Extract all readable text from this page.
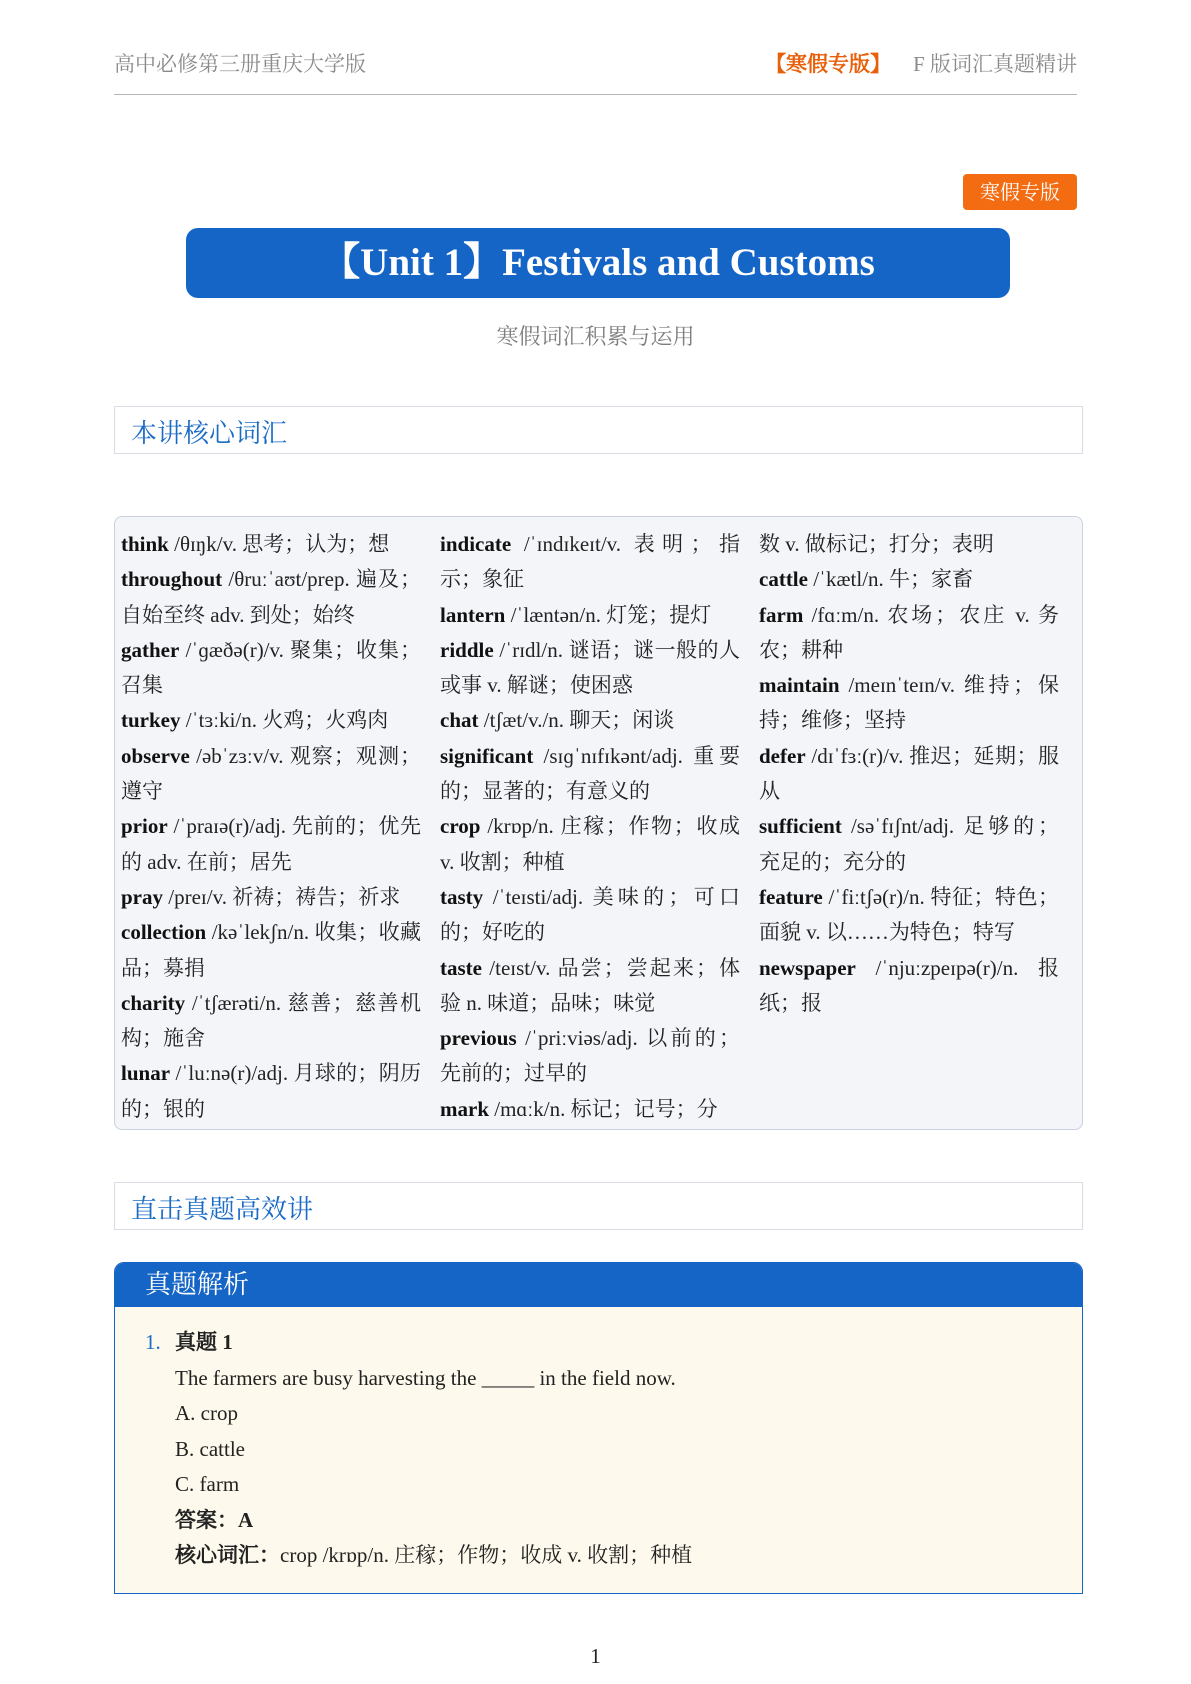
高中必修第三册重庆大学版	【寒假专版】 F 版词汇真题精讲
寒假专版
【Unit 1】Festivals and Customs
寒假词汇积累与运用
本讲核心词汇
think /θɪŋk/v. 思考；认为；想
throughout /θruːˈaʊt/prep. 遍及；自始至终 adv. 到处；始终
gather /ˈɡæðə(r)/v. 聚集；收集；召集
turkey /ˈtɜːki/n. 火鸡；火鸡肉
observe /əbˈzɜːv/v. 观察；观测；遵守
prior /ˈpraɪə(r)/adj. 先前的；优先的 adv. 在前；居先
pray /preɪ/v. 祈祷；祷告；祈求
collection /kəˈlekʃn/n. 收集；收藏品；募捐
charity /ˈtʃærəti/n. 慈善；慈善机构；施舍
lunar /ˈluːnə(r)/adj. 月球的；阴历的；银的
indicate /ˈɪndɪkeɪt/v. 表明；指示；象征
lantern /ˈlæntən/n. 灯笼；提灯
riddle /ˈrɪdl/n. 谜语；谜一般的人或事 v. 解谜；使困惑
chat /tʃæt/v./n. 聊天；闲谈
significant /sɪɡˈnɪfɪkənt/adj. 重要的；显著的；有意义的
crop /krɒp/n. 庄稼；作物；收成 v. 收割；种植
tasty /ˈteɪsti/adj. 美味的；可口的；好吃的
taste /teɪst/v. 品尝；尝起来；体验 n. 味道；品味；味觉
previous /ˈpriːviəs/adj. 以前的；先前的；过早的
mark /mɑːk/n. 标记；记号；分
数 v. 做标记；打分；表明
cattle /ˈkætl/n. 牛；家畜
farm /fɑːm/n. 农场；农庄 v. 务农；耕种
maintain /meɪnˈteɪn/v. 维持；保持；维修；坚持
defer /dɪˈfɜː(r)/v. 推迟；延期；服从
sufficient /səˈfɪʃnt/adj. 足够的；充足的；充分的
feature /ˈfiːtʃə(r)/n. 特征；特色；面貌 v. 以……为特色；特写
newspaper /ˈnjuːzpeɪpə(r)/n. 报纸；报
直击真题高效讲
真题解析
1. 真题 1
The farmers are busy harvesting the _____ in the field now.
A. crop
B. cattle
C. farm
答案：A
核心词汇：crop /krɒp/n. 庄稼；作物；收成 v. 收割；种植
1
